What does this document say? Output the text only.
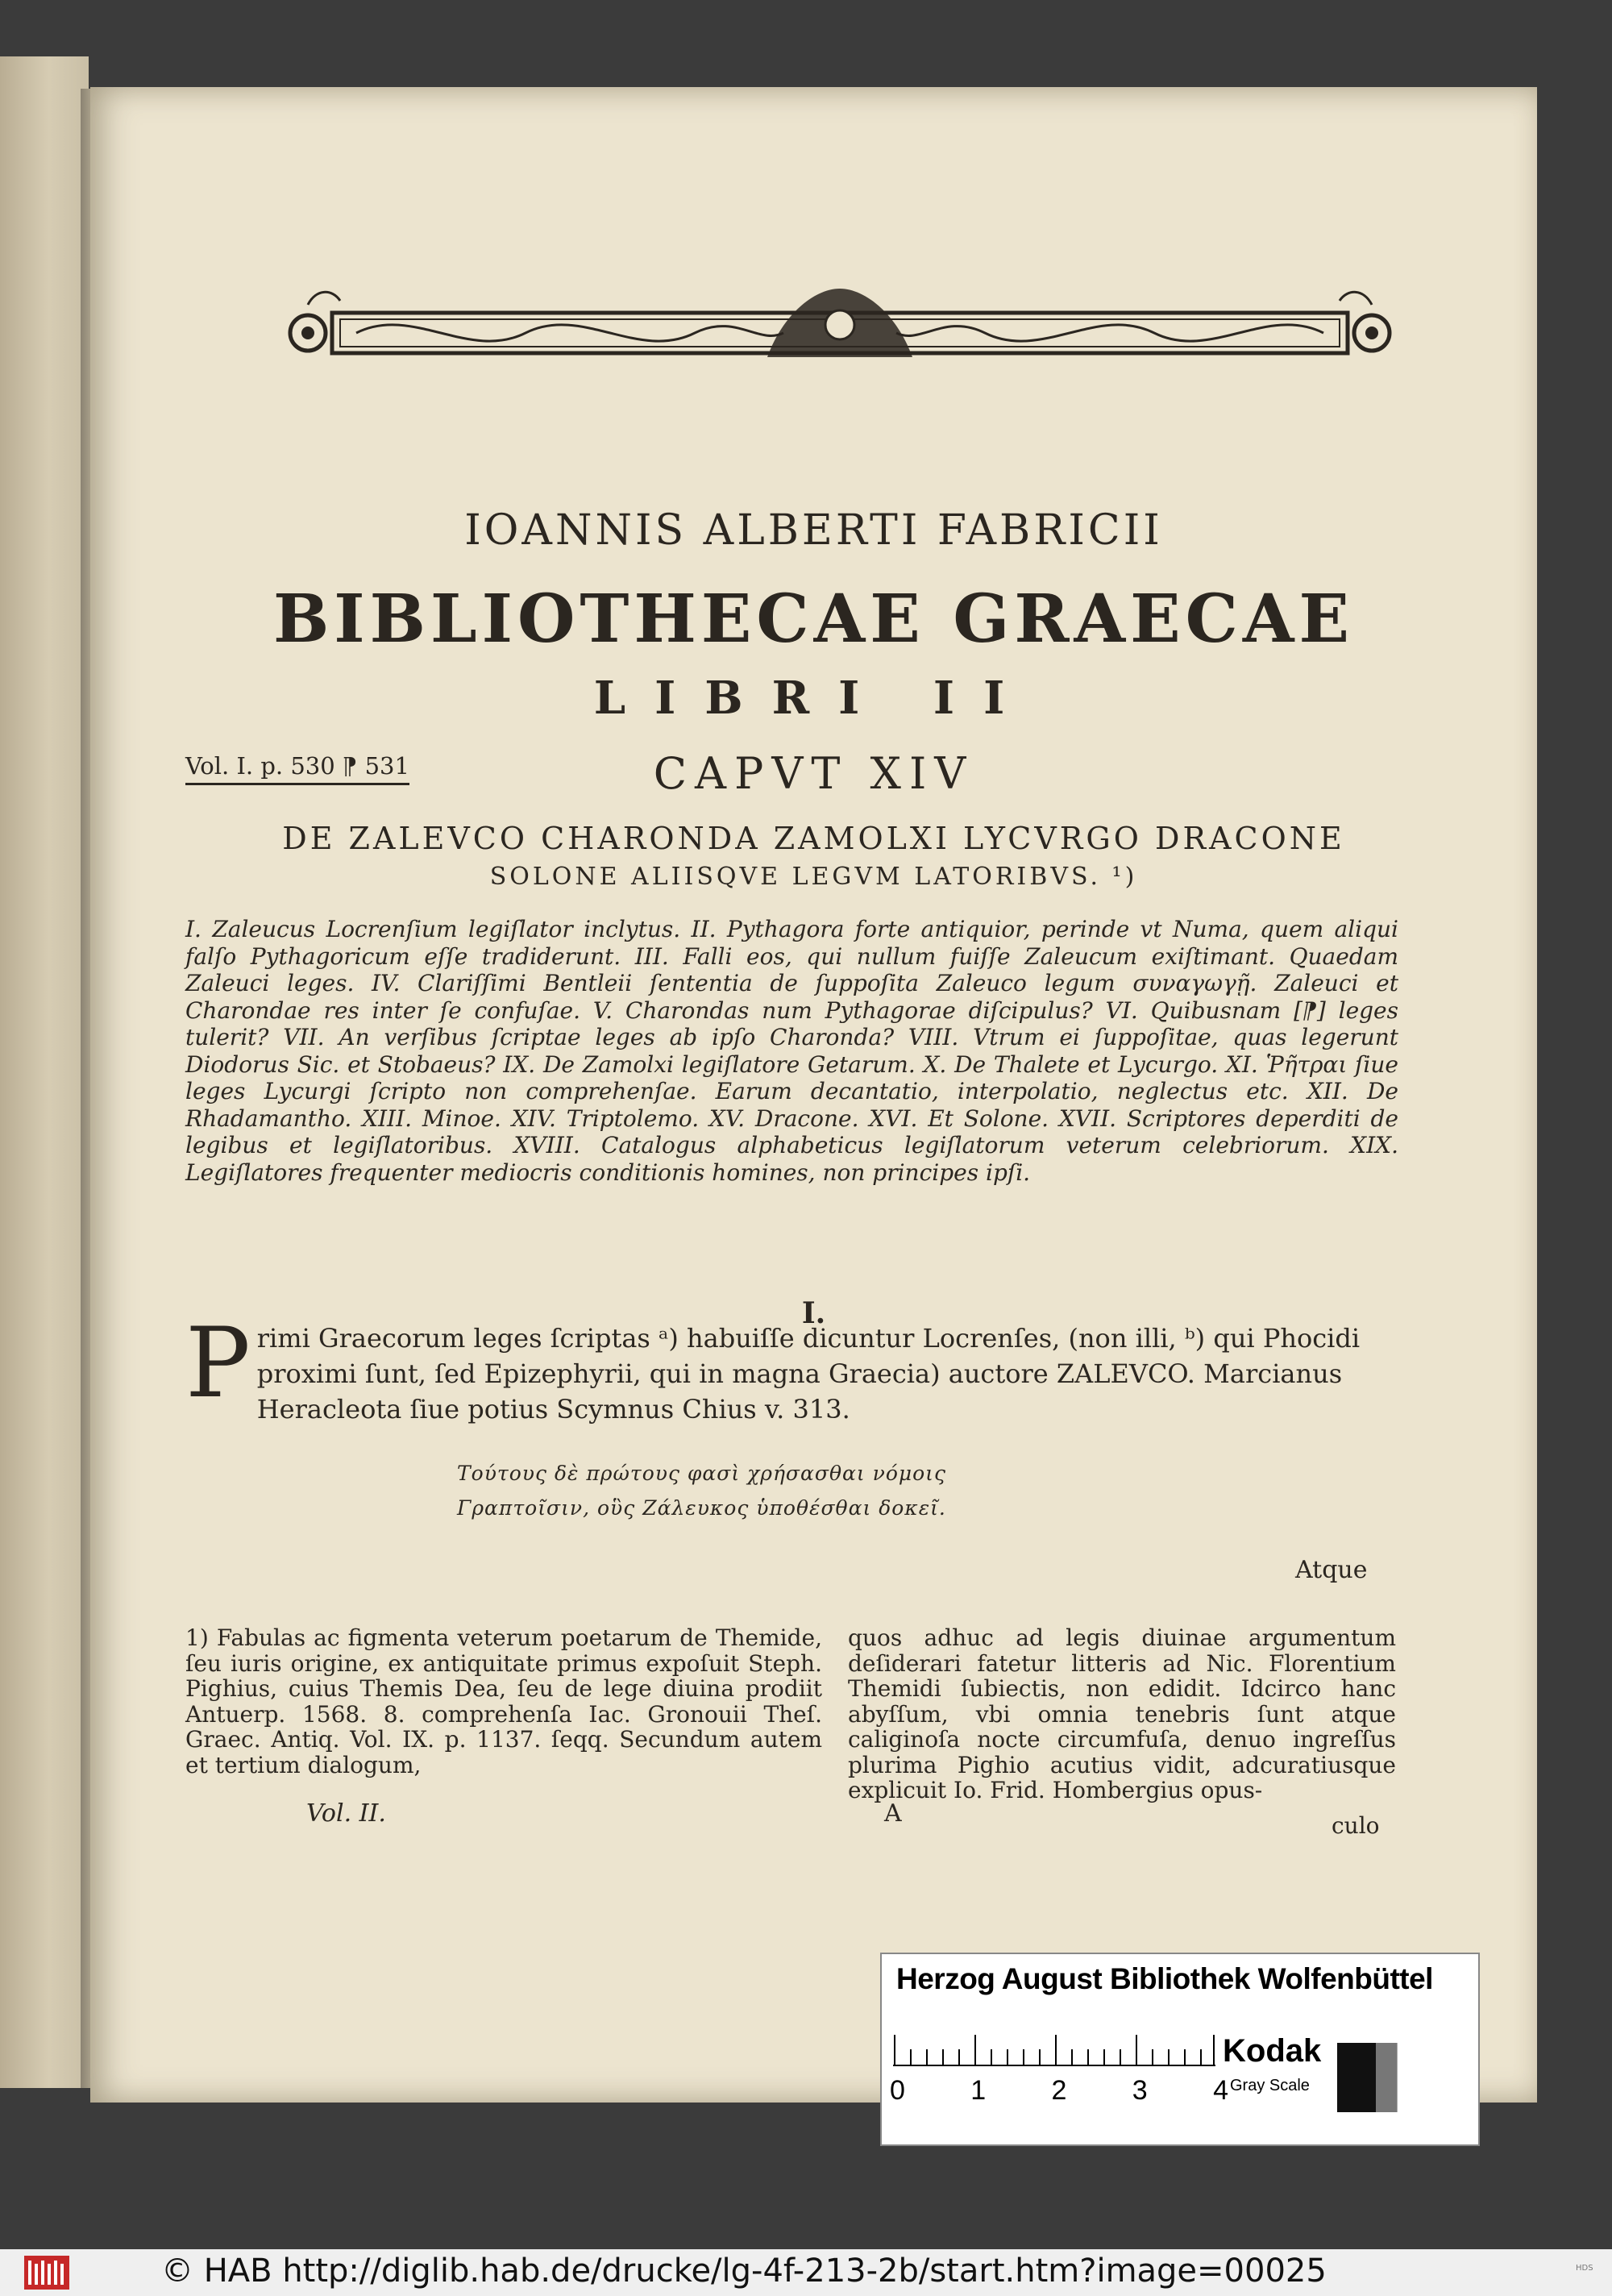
IOANNIS ALBERTI FABRICII
BIBLIOTHECAE GRAECAE
LIBRI II
Vol. I. p. 530 ⁋ 531	CAPVT XIV
DE ZALEVCO CHARONDA ZAMOLXI LYCVRGO DRACONE
SOLONE ALIISQVE LEGVM LATORIBVS. ¹)
I. Zaleucus Locrenſium legiſlator inclytus. II. Pythagora forte antiquior, perinde vt Numa, quem aliqui falſo Pythagoricum eſſe tradiderunt. III. Falli eos, qui nullum fuiſſe Zaleucum exiſtimant. Quaedam Zaleuci leges. IV. Clariſſimi Bentleii ſententia de ſuppoſita Zaleuco legum συναγωγῇ. Zaleuci et Charondae res inter ſe confuſae. V. Charondas num Pythagorae diſcipulus? VI. Quibusnam [⁋] leges tulerit? VII. An verſibus ſcriptae leges ab ipſo Charonda? VIII. Vtrum ei ſuppoſitae, quas legerunt Diodorus Sic. et Stobaeus? IX. De Zamolxi legiſlatore Getarum. X. De Thalete et Lycurgo. XI. Ῥῆτραι ſiue leges Lycurgi ſcripto non comprehenſae. Earum decantatio, interpolatio, neglectus etc. XII. De Rhadamantho. XIII. Minoe. XIV. Triptolemo. XV. Dracone. XVI. Et Solone. XVII. Scriptores deperditi de legibus et legiſlatoribus. XVIII. Catalogus alphabeticus legiſlatorum veterum celebriorum. XIX. Legiſlatores frequenter mediocris conditionis homines, non principes ipſi.
I.
P rimi Graecorum leges ſcriptas ᵃ) habuiſſe dicuntur Locrenſes, (non illi, ᵇ) qui Phocidi proximi ſunt, ſed Epizephyrii, qui in magna Graecia) auctore ZALEVCO. Marcianus Heracleota ſiue potius Scymnus Chius v. 313.
Τούτους δὲ πρώτους φασὶ χρήσασθαι νόμοις
Γραπτοῖσιν, οὓς Ζάλευκος ὑποθέσθαι δοκεῖ.
Atque
1) Fabulas ac figmenta veterum poetarum de Themide, ſeu iuris origine, ex antiquitate primus expoſuit Steph. Pighius, cuius Themis Dea, ſeu de lege diuina prodiit Antuerp. 1568. 8. comprehenſa Iac. Gronouii Theſ. Graec. Antiq. Vol. IX. p. 1137. ſeqq. Secundum autem et tertium dialogum,
quos adhuc ad legis diuinae argumentum deſiderari fatetur litteris ad Nic. Florentium Themidi ſubiectis, non edidit. Idcirco hanc abyſſum, vbi omnia tenebris ſunt atque caliginoſa nocte circumfuſa, denuo ingreſſus plurima Pighio acutius vidit, adcuratiusque explicuit Io. Frid. Hombergius opus-
Vol. II.	A	culo
Herzog August Bibliothek Wolfenbüttel
0 1 2 3 4
Kodak
Gray Scale
© HAB http://diglib.hab.de/drucke/lg-4f-213-2b/start.htm?image=00025	HDS
